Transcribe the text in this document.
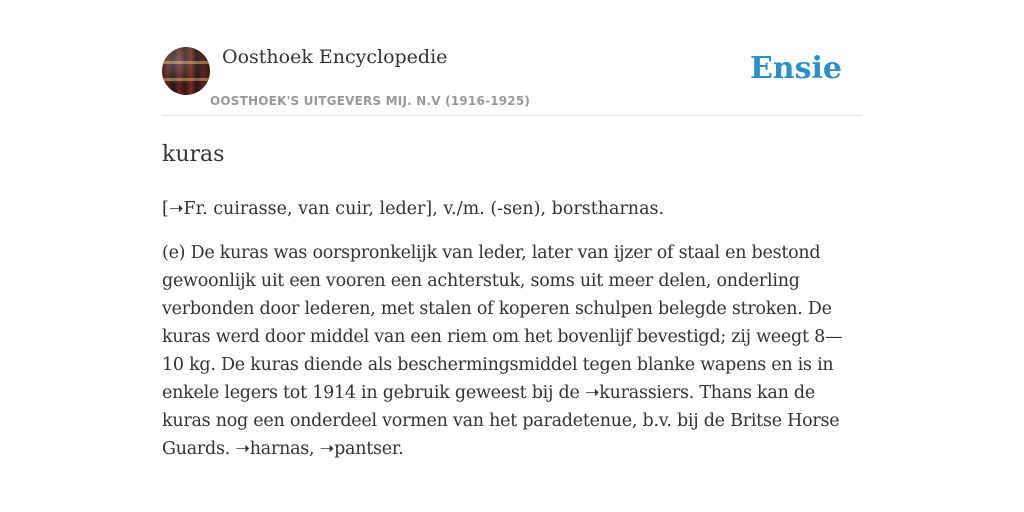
Oosthoek Encyclopedie
OOSTHOEK'S UITGEVERS MIJ. N.V (1916-1925)
Ensie
kuras

[➝Fr. cuirasse, van cuir, leder], v./m. (-sen), borstharnas.

(e) De kuras was oorspronkelijk van leder, later van ijzer of staal en bestond gewoonlijk uit een vooren een achterstuk, soms uit meer delen, onderling verbonden door lederen, met stalen of koperen schulpen belegde stroken. De kuras werd door middel van een riem om het bovenlijf bevestigd; zij weegt 8—10 kg. De kuras diende als beschermingsmiddel tegen blanke wapens en is in enkele legers tot 1914 in gebruik geweest bij de ➝kurassiers. Thans kan de kuras nog een onderdeel vormen van het paradetenue, b.v. bij de Britse Horse Guards. ➝harnas, ➝pantser.
